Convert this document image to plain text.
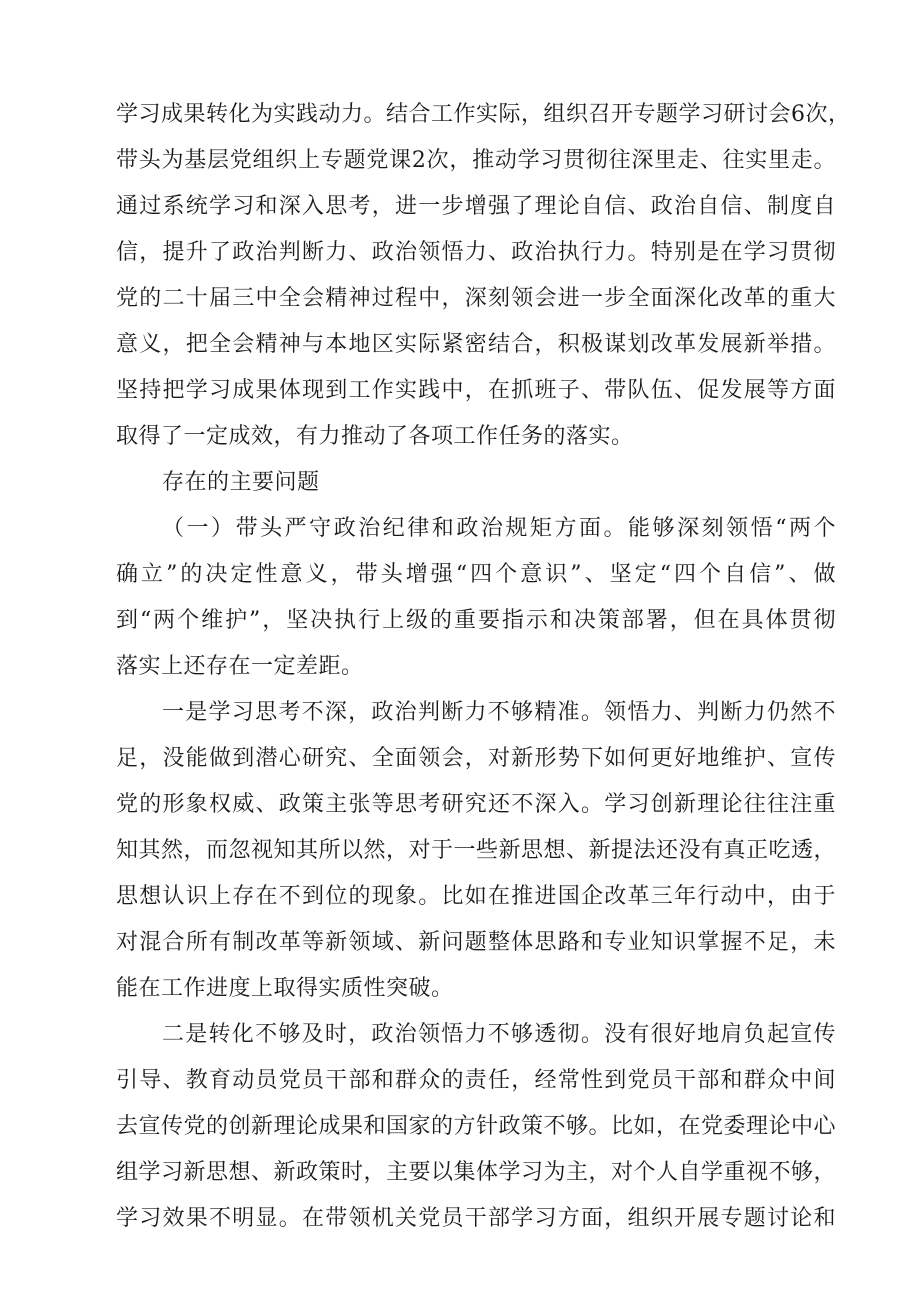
学习成果转化为实践动力。结合工作实际，组织召开专题学习研讨会6次，
带头为基层党组织上专题党课2次，推动学习贯彻往深里走、往实里走。
通过系统学习和深入思考，进一步增强了理论自信、政治自信、制度自
信，提升了政治判断力、政治领悟力、政治执行力。特别是在学习贯彻
党的二十届三中全会精神过程中，深刻领会进一步全面深化改革的重大
意义，把全会精神与本地区实际紧密结合，积极谋划改革发展新举措。
坚持把学习成果体现到工作实践中，在抓班子、带队伍、促发展等方面
取得了一定成效，有力推动了各项工作任务的落实。
存在的主要问题
（一）带头严守政治纪律和政治规矩方面。能够深刻领悟“两个
确立”的决定性意义，带头增强“四个意识”、坚定“四个自信”、做
到“两个维护”，坚决执行上级的重要指示和决策部署，但在具体贯彻
落实上还存在一定差距。
一是学习思考不深，政治判断力不够精准。领悟力、判断力仍然不
足，没能做到潜心研究、全面领会，对新形势下如何更好地维护、宣传
党的形象权威、政策主张等思考研究还不深入。学习创新理论往往注重
知其然，而忽视知其所以然，对于一些新思想、新提法还没有真正吃透，
思想认识上存在不到位的现象。比如在推进国企改革三年行动中，由于
对混合所有制改革等新领域、新问题整体思路和专业知识掌握不足，未
能在工作进度上取得实质性突破。
二是转化不够及时，政治领悟力不够透彻。没有很好地肩负起宣传
引导、教育动员党员干部和群众的责任，经常性到党员干部和群众中间
去宣传党的创新理论成果和国家的方针政策不够。比如，在党委理论中心
组学习新思想、新政策时，主要以集体学习为主，对个人自学重视不够，
学习效果不明显。在带领机关党员干部学习方面，组织开展专题讨论和
